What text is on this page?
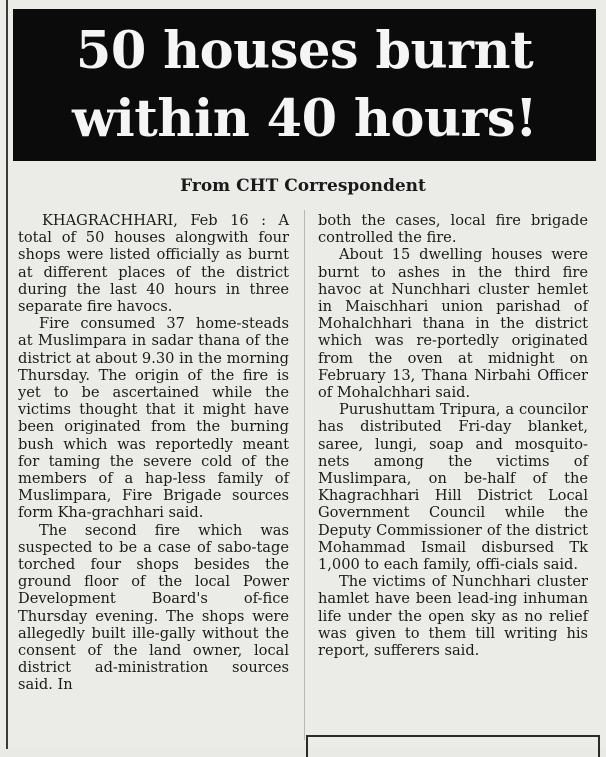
50 houses burnt
within 40 hours!
From CHT Correspondent

KHAGRACHHARI, Feb 16 : A total of 50 houses alongwith four shops were listed officially as burnt at different places of the district during the last 40 hours in three separate fire havocs.

Fire consumed 37 home-steads at Muslimpara in sadar thana of the district at about 9.30 in the morning Thursday. The origin of the fire is yet to be ascertained while the victims thought that it might have been originated from the burning bush which was reportedly meant for taming the severe cold of the members of a hap-less family of Muslimpara, Fire Brigade sources form Kha-grachhari said.

The second fire which was suspected to be a case of sabo-tage torched four shops besides the ground floor of the local Power Development Board's of-fice Thursday evening. The shops were allegedly built ille-gally without the consent of the land owner, local district ad-ministration sources said. In

both the cases, local fire brigade controlled the fire.

About 15 dwelling houses were burnt to ashes in the third fire havoc at Nunchhari cluster hemlet in Maischhari union parishad of Mohalchhari thana in the district which was re-portedly originated from the oven at midnight on February 13, Thana Nirbahi Officer of Mohalchhari said.

Purushuttam Tripura, a councilor has distributed Fri-day blanket, saree, lungi, soap and mosquito-nets among the victims of Muslimpara, on be-half of the Khagrachhari Hill District Local Government Council while the Deputy Commissioner of the district Mohammad Ismail disbursed Tk 1,000 to each family, offi-cials said.

The victims of Nunchhari cluster hamlet have been lead-ing inhuman life under the open sky as no relief was given to them till writing his report, sufferers said.
